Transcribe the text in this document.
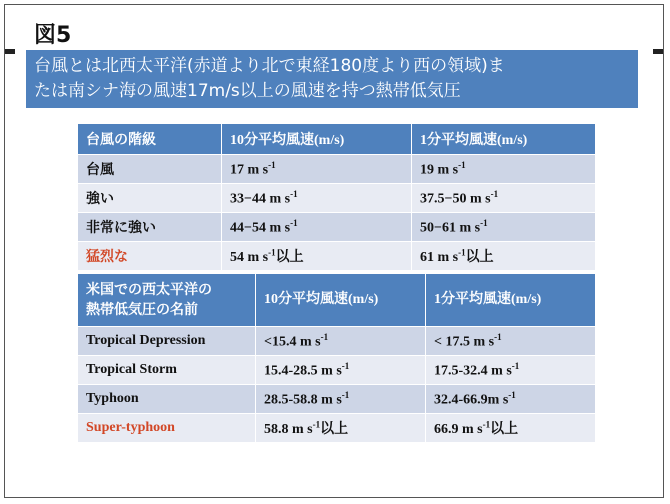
図5
台風とは北西太平洋(赤道より北で東経180度より西の領域)ま
たは南シナ海の風速17m/s以上の風速を持つ熱帯低気圧
台風の階級	10分平均風速(m/s)	1分平均風速(m/s)
台風	17 m $s^{-1}$	19 m $s^{-1}$
強い	33−44 m $s^{-1}$	37.5−50 m $s^{-1}$
非常に強い	44−54 m $s^{-1}$	50−61 m $s^{-1}$
猛烈な	54 m $s^{-1}$以上	61 m $s^{-1}$以上
米国での西太平洋の
熱帯低気圧の名前	10分平均風速(m/s)	1分平均風速(m/s)
Tropical Depression	<15.4 m $s^{-1}$	< 17.5 m $s^{-1}$
Tropical Storm	15.4-28.5 m $s^{-1}$	17.5-32.4 m $s^{-1}$
Typhoon	28.5-58.8 m $s^{-1}$	32.4-66.9m $s^{-1}$
Super-typhoon	58.8 m $s^{-1}$以上	66.9 m $s^{-1}$以上
